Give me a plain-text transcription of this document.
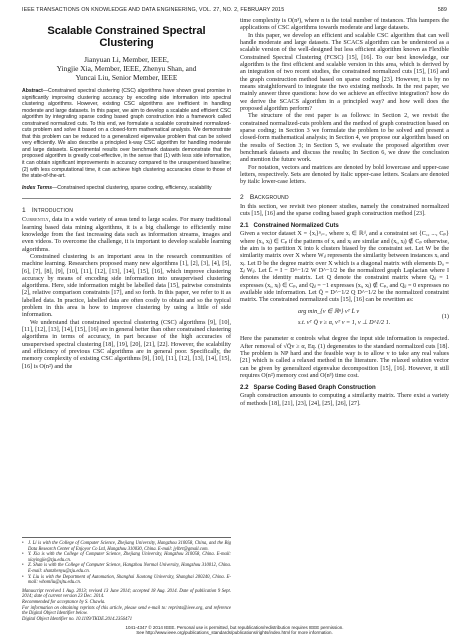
IEEE TRANSACTIONS ON KNOWLEDGE AND DATA ENGINEERING, VOL. 27, NO. 2, FEBRUARY 2015	589
Scalable Constrained Spectral Clustering
Jianyuan Li, Member, IEEE,
Yingjie Xia, Member, IEEE, Zhenyu Shan, and
Yuncai Liu, Senior Member, IEEE
Abstract—Constrained spectral clustering (CSC) algorithms have shown great promise in significantly improving clustering accuracy by encoding side information into spectral clustering algorithms. However, existing CSC algorithms are inefficient in handling moderate and large datasets. In this paper, we aim to develop a scalable and efficient CSC algorithm by integrating sparse coding based graph construction into a framework called constrained normalized cuts. To this end, we formulate a scalable constrained normalized-cuts problem and solve it based on a closed-form mathematical analysis. We demonstrate that this problem can be reduced to a generalized eigenvalue problem that can be solved very efficiently. We also describe a principled k-way CSC algorithm for handling moderate and large datasets. Experimental results over benchmark datasets demonstrate that the proposed algorithm is greatly cost-effective, in the sense that (1) with less side information, it can obtain significant improvements in accuracy compared to the unsupervised baseline; (2) with less computational time, it can achieve high clustering accuracies close to those of the state-of-the-art.
Index Terms—Constrained spectral clustering, sparse coding, efficiency, scalability
1 Introduction

Currently, data in a wide variety of areas tend to large scales. For many traditional learning based data mining algorithms, it is a big challenge to efficiently mine knowledge from the fast increasing data such as information streams, images and even videos. To overcome the challenge, it is important to develop scalable learning algorithms.

Constrained clustering is an important area in the research communities of machine learning. Researchers proposed many new algorithms [1], [2], [3], [4], [5], [6], [7], [8], [9], [10], [11], [12], [13], [14], [15], [16], which improve clustering accuracy by means of encoding side information into unsupervised clustering algorithms. Here, side information might be labelled data [15], pairwise constraints [2], relative comparison constraints [17], and so forth. In this paper, we refer to it as labelled data. In practice, labelled data are often costly to obtain and so the typical problem in this area is how to improve clustering by using a little of side information.

We understand that constrained spectral clustering (CSC) algorithms [9], [10], [11], [12], [13], [14], [15], [16] are in general better than other constrained clustering algorithms in terms of accuracy, in part because of the high accuracies of unsupervised spectral clustering [18], [19], [20], [21], [22]. However, the scalability and efficiency of previous CSC algorithms are in general poor. Specifically, the memory complexity of existing CSC algorithms [9], [10], [11], [12], [13], [14], [15], [16] is O(n²) and the

• J. Li is with the College of Computer Science, Zhejiang University, Hangzhou 310058, China, and the Big Data Research Center of Enjoyor Co Ltd, Hangzhou 310030, China. E-mail: jylbrt@gmail.com.
• Y. Xia is with the College of Computer Science, Zhejiang University, Hangzhou 310058, China. E-mail: xiayingjie@zju.edu.cn.
• Z. Shan is with the College of Computer Science, Hangzhou Normal University, Hangzhou 310012, China. E-mail: shanzhenyu@zju.edu.cn.
• Y. Liu is with the Department of Automation, Shanghai Jiaotong University, Shanghai 200240, China. E-mail: whomliu@sjtu.edu.cn.

Manuscript received 1 Aug. 2013; revised 13 June 2014; accepted 18 Aug. 2014. Date of publication 9 Sept. 2014; date of current version 23 Dec. 2014.

Recommended for acceptance by S. Chawla.

For information on obtaining reprints of this article, please send e-mail to: reprints@ieee.org, and reference the Digital Object Identifier below.

Digital Object Identifier no. 10.1109/TKDE.2014.2356471

time complexity is O(n³), where n is the total number of instances. This hampers the applications of CSC algorithms towards moderate and large datasets.

In this paper, we develop an efficient and scalable CSC algorithm that can well handle moderate and large datasets. The SCACS algorithm can be understood as a scalable version of the well-designed but less efficient algorithm known as Flexible Constrained Spectral Clustering (FCSC) [15], [16]. To our best knowledge, our algorithm is the first efficient and scalable version in this area, which is derived by an integration of two recent studies, the constrained normalized cuts [15], [16] and the graph construction method based on sparse coding [23]. However, it is by no means straightforward to integrate the two existing methods. In the rest paper, we mainly answer three questions: how do we achieve an effective integration? how do we derive the SCACS algorithm in a principled way? and how well does the proposed algorithm perform?

The structure of the rest paper is as follows: in Section 2, we revisit the constrained normalized-cuts problem and the method of graph construction based on sparse coding; in Section 3 we formulate the problem to be solved and present a closed-form mathematical analysis; in Section 4, we propose our algorithm based on the results of Section 3; in Section 5, we evaluate the proposed algorithm over benchmark datasets and discuss the results; In Section 6, we draw the conclusion and mention the future work.

For notation, vectors and matrices are denoted by bold lowercase and upper-case letters, respectively. Sets are denoted by italic upper-case letters. Scalars are denoted by italic lower-case letters.

2 Background

In this section, we revisit two pioneer studies, namely the constrained normalized cuts [15], [16] and the sparse coding based graph construction method [23].

2.1 Constrained Normalized Cuts

Given a vector dataset X = {xᵢ}ⁿᵢ₌₁ where xᵢ ∈ ℝᵈ, and a constraint set {C₁, ..., Cₚ} where (xᵢ, xⱼ) ∈ Cₚ if the patterns of xᵢ and xⱼ are similar and (xᵢ, xⱼ) ∉ Cₚ otherwise, the aim is to partition X into k clusters biased by the constraint set. Let W be the similarity matrix over X where Wᵢⱼ represents the similarity between instances xᵢ and xⱼ. Let D be the degree matrix over X which is a diagonal matrix with elements Dᵢᵢ = Σⱼ Wᵢⱼ. Let L̄ = I − D^−1/2 W D^−1/2 be the normalized graph Laplacian where I denotes the identity matrix. Let Q denote the constraint matrix where Qᵢⱼ = 1 expresses (xᵢ, xⱼ) ∈ Cₚ, and Qᵢⱼ = −1 expresses (xᵢ, xⱼ) ∉ Cₚ, and Qᵢⱼ = 0 expresses no available side information. Let Q̄ = D^−1/2 Q D^−1/2 be the normalized constraint matrix. The constrained normalized cuts [15], [16] can be rewritten as:

arg min_{v ∈ ℝⁿ} vᵀ L̄ v
s.t. vᵀ Q̄ v ≥ α, vᵀ v = 1, v ⊥ D^1/2 1.
(1)

Here the parameter α controls what degree the input side information is respected. After removal of √Q̄v ≥ α, Eq. (1) degenerates to the standard normalized cuts [18]. The problem is NP hard and the feasible way is to allow v to take any real values [21] which is called a relaxed method in the literature. The relaxed solution vector can be given by generalized eigenvalue decomposition [15], [16]. However, it still requires O(n²) memory cost and O(n³) time cost.

2.2 Sparse Coding Based Graph Construction

Graph construction amounts to computing a similarity matrix. There exist a variety of methods [18], [21], [23], [24], [25], [26], [27].

1041-4347 © 2014 IEEE. Personal use is permitted, but republication/redistribution requires IEEE permission.
See http://www.ieee.org/publications_standards/publications/rights/index.html for more information.
